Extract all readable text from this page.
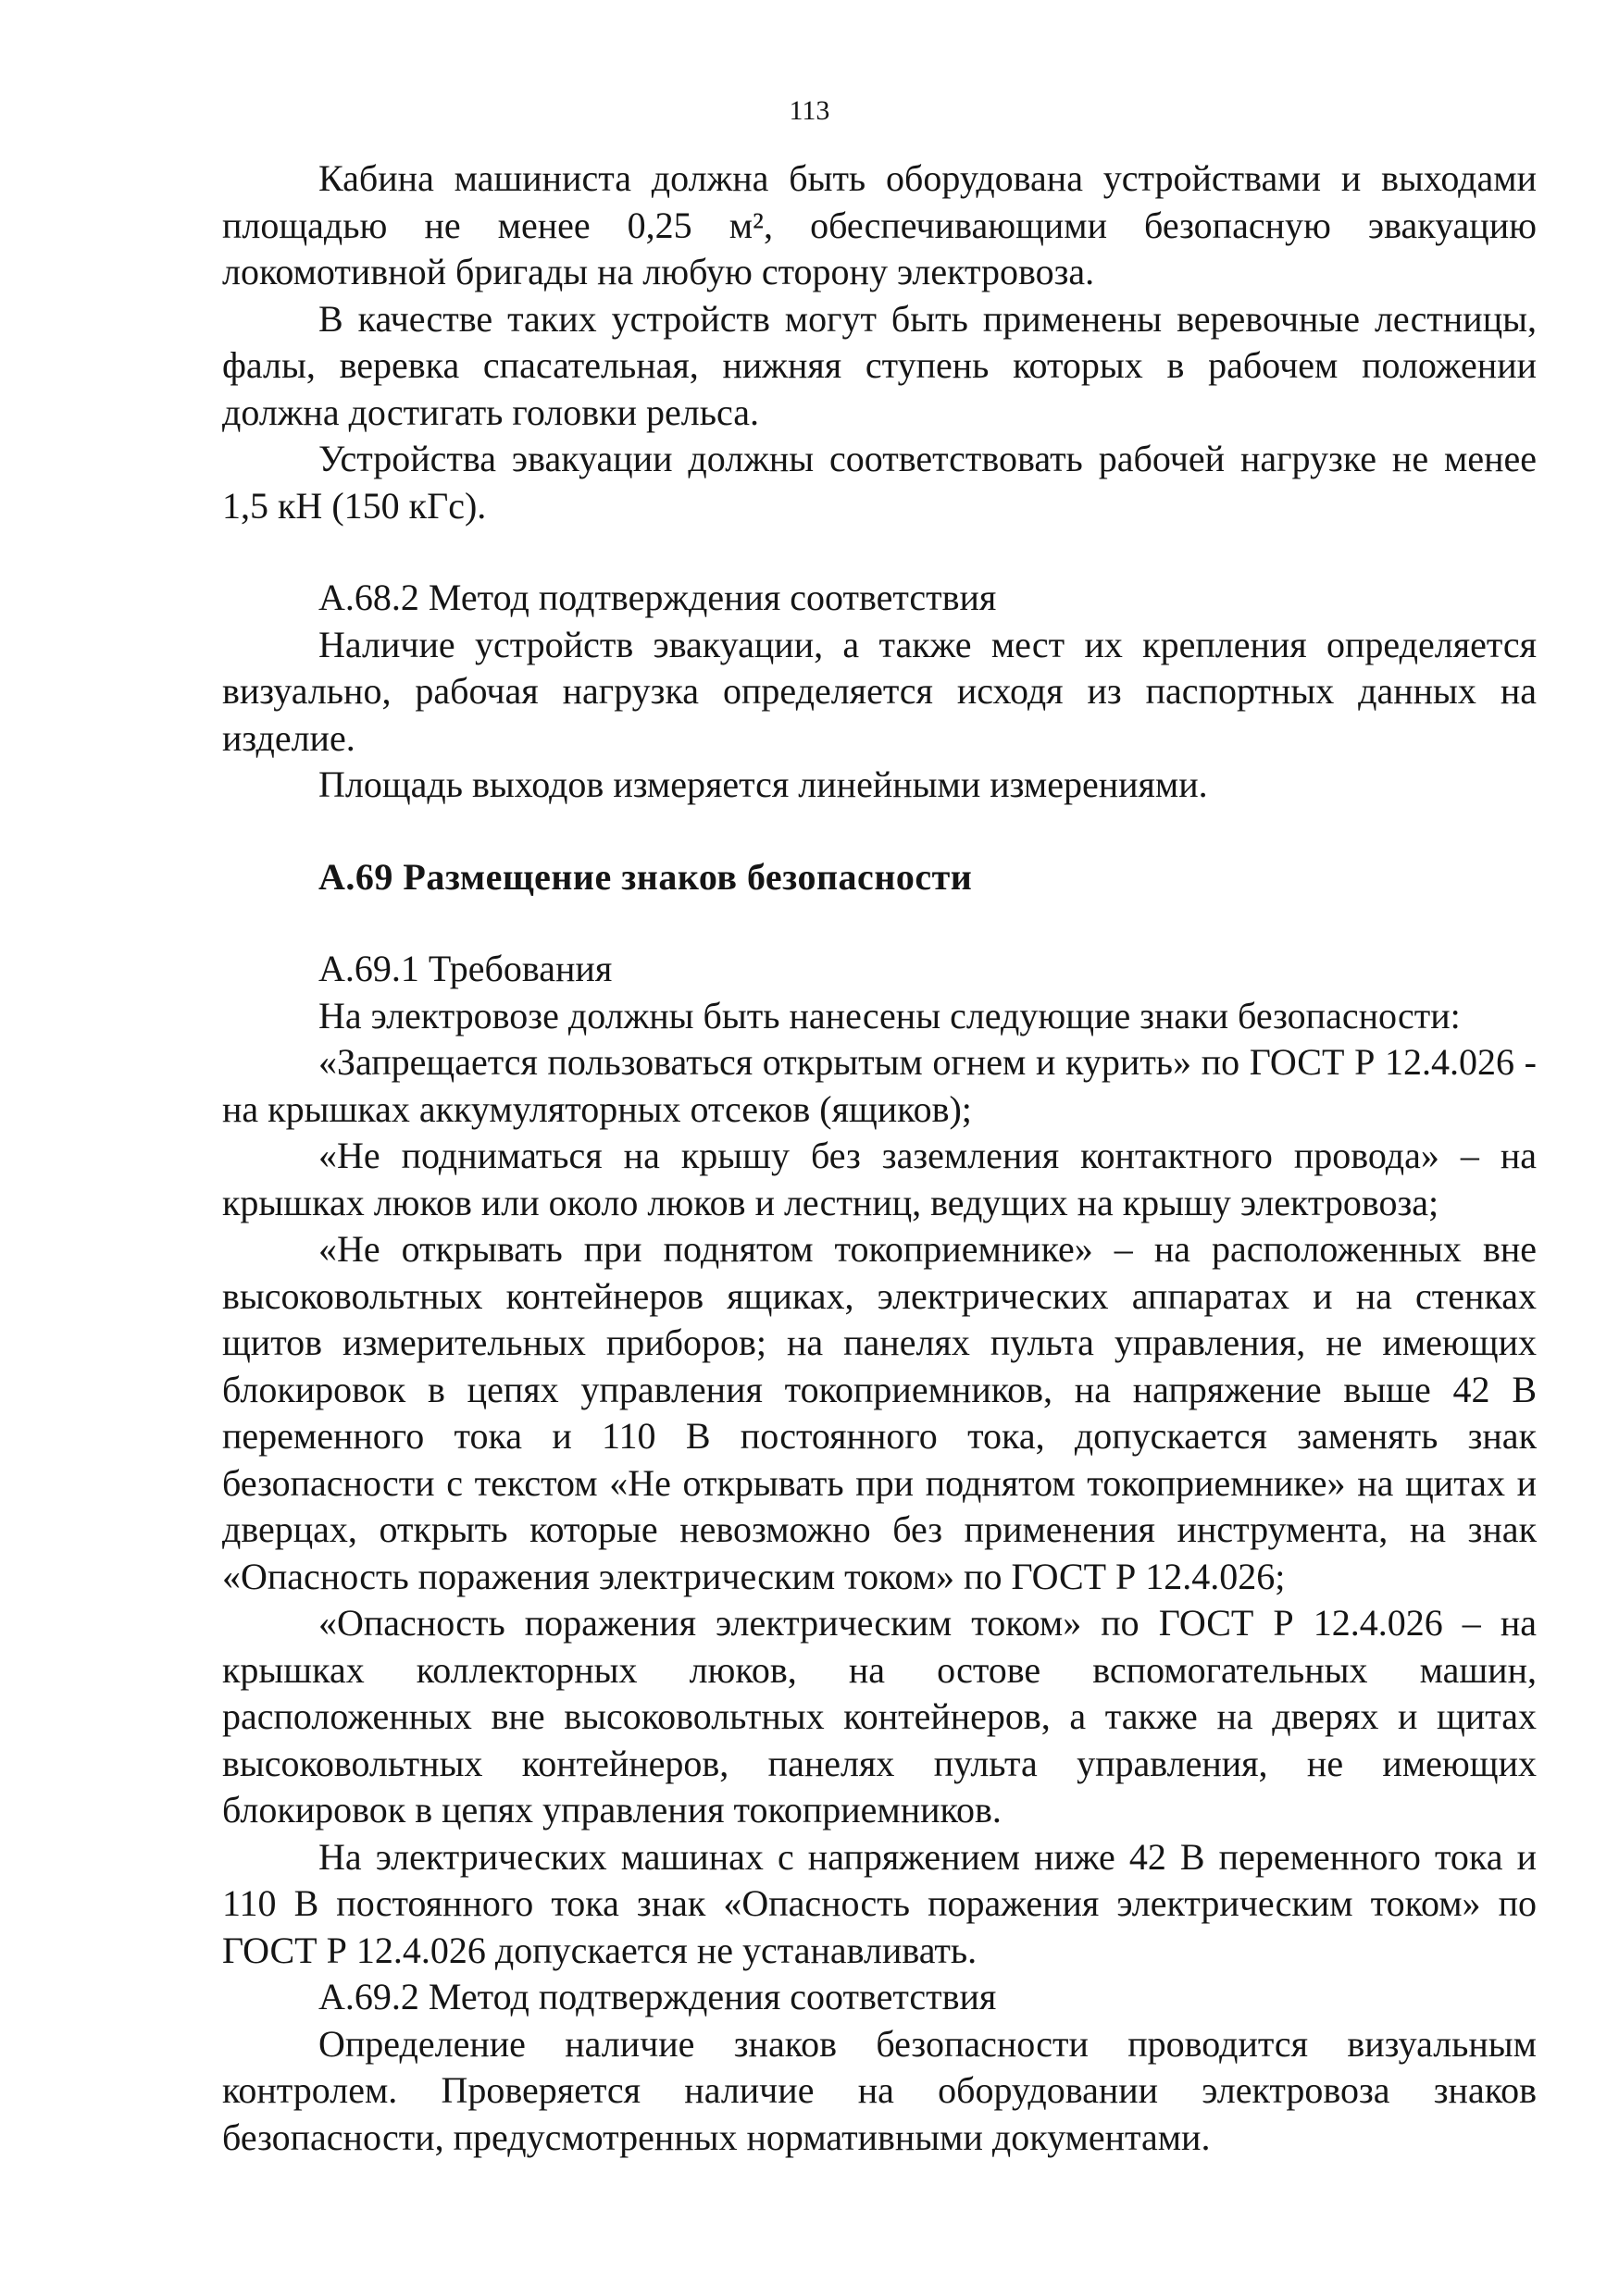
113

Кабина машиниста должна быть оборудована устройствами и выходами площадью не менее 0,25 м², обеспечивающими безопасную эвакуацию локомотивной бригады на любую сторону электровоза.

В качестве таких устройств могут быть применены веревочные лестницы, фалы, веревка спасательная, нижняя ступень которых в рабочем положении должна достигать головки рельса.

Устройства эвакуации должны соответствовать рабочей нагрузке не менее 1,5 кН (150 кГс).

А.68.2 Метод подтверждения соответствия

Наличие устройств эвакуации, а также мест их крепления определяется визуально, рабочая нагрузка определяется исходя из паспортных данных на изделие.

Площадь выходов измеряется линейными измерениями.

А.69 Размещение знаков безопасности

А.69.1 Требования

На электровозе должны быть нанесены следующие знаки безопасности:

«Запрещается пользоваться открытым огнем и курить» по ГОСТ Р 12.4.026 - на крышках аккумуляторных отсеков (ящиков);

«Не подниматься на крышу без заземления контактного провода» – на крышках люков или около люков и лестниц, ведущих на крышу электровоза;

«Не открывать при поднятом токоприемнике» – на расположенных вне высоковольтных контейнеров ящиках, электрических аппаратах и на стенках щитов измерительных приборов; на панелях пульта управления, не имеющих блокировок в цепях управления токоприемников, на напряжение выше 42 В переменного тока и 110 В постоянного тока, допускается заменять знак безопасности с текстом «Не открывать при поднятом токоприемнике» на щитах и дверцах, открыть которые невозможно без применения инструмента, на знак «Опасность поражения электрическим током» по ГОСТ Р 12.4.026;

«Опасность поражения электрическим током» по ГОСТ Р 12.4.026 – на крышках коллекторных люков, на остове вспомогательных машин, расположенных вне высоковольтных контейнеров, а также на дверях и щитах высоковольтных контейнеров, панелях пульта управления, не имеющих блокировок в цепях управления токоприемников.

На электрических машинах с напряжением ниже 42 В переменного тока и 110 В постоянного тока знак «Опасность поражения электрическим током» по ГОСТ Р 12.4.026 допускается не устанавливать.

А.69.2 Метод подтверждения соответствия

Определение наличие знаков безопасности проводится визуальным контролем. Проверяется наличие на оборудовании электровоза знаков безопасности, предусмотренных нормативными документами.
